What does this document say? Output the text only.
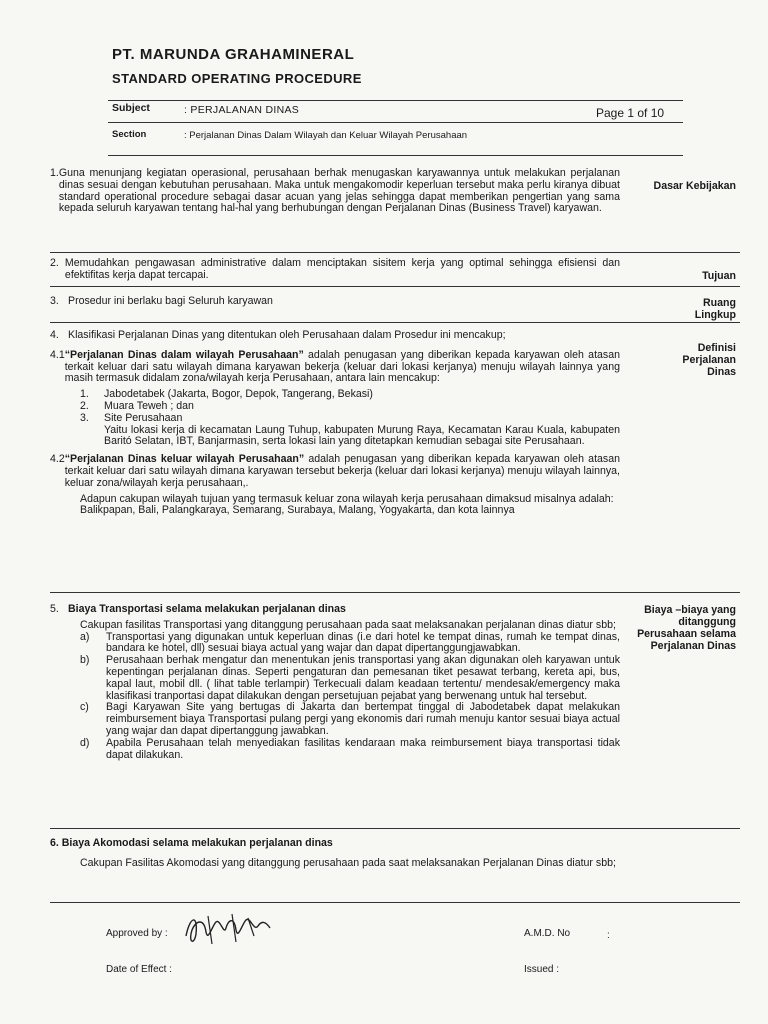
PT. MARUNDA GRAHAMINERAL
STANDARD OPERATING PROCEDURE
Subject	: PERJALANAN DINAS	Page 1 of 10
Section	: Perjalanan Dinas Dalam Wilayah dan Keluar Wilayah Perusahaan

1. Guna menunjang kegiatan operasional, perusahaan berhak menugaskan karyawannya untuk melakukan perjalanan dinas sesuai dengan kebutuhan perusahaan. Maka untuk mengakomodir keperluan tersebut maka perlu kiranya dibuat standard operational procedure sebagai dasar acuan yang jelas sehingga dapat memberikan pengertian yang sama kepada seluruh karyawan tentang hal-hal yang berhubungan dengan Perjalanan Dinas (Business Travel) karyawan.

Dasar Kebijakan

2. Memudahkan pengawasan administrative dalam menciptakan sisitem kerja yang optimal sehingga efisiensi dan efektifitas kerja dapat tercapai.	Tujuan

3. Prosedur ini berlaku bagi Seluruh karyawan	Ruang Lingkup

4. Klasifikasi Perjalanan Dinas yang ditentukan oleh Perusahaan dalam Prosedur ini mencakup;

4.1 “Perjalanan Dinas dalam wilayah Perusahaan” adalah penugasan yang diberikan kepada karyawan oleh atasan terkait keluar dari satu wilayah dimana karyawan bekerja (keluar dari lokasi kerjanya) menuju wilayah lainnya yang masih termasuk didalam zona/wilayah kerja Perusahaan, antara lain mencakup:

1.	Jabodetabek (Jakarta, Bogor, Depok, Tangerang, Bekasi)

2.	Muara Teweh ; dan

3.	Site Perusahaan

Yaitu lokasi kerja di kecamatan Laung Tuhup, kabupaten Murung Raya, Kecamatan Karau Kuala, kabupaten Baritó Selatan, IBT, Banjarmasin, serta lokasi lain yang ditetapkan kemudian sebagai site Perusahaan.

4.2 “Perjalanan Dinas keluar wilayah Perusahaan” adalah penugasan yang diberikan kepada karyawan oleh atasan terkait keluar dari satu wilayah dimana karyawan tersebut bekerja (keluar dari lokasi kerjanya) menuju wilayah lainnya, keluar zona/wilayah kerja perusahaan,.

Adapun cakupan wilayah tujuan yang termasuk keluar zona wilayah kerja perusahaan dimaksud misalnya adalah:

Balikpapan, Bali, Palangkaraya, Semarang, Surabaya, Malang, Yogyakarta, dan kota lainnya

Definisi Perjalanan Dinas

5. Biaya Transportasi selama melakukan perjalanan dinas

Cakupan fasilitas Transportasi yang ditanggung perusahaan pada saat melaksanakan perjalanan dinas diatur sbb;

a)	Transportasi yang digunakan untuk keperluan dinas (i.e dari hotel ke tempat dinas, rumah ke tempat dinas, bandara ke hotel, dll) sesuai biaya actual yang wajar dan dapat dipertanggungjawabkan.

b)	Perusahaan berhak mengatur dan menentukan jenis transportasi yang akan digunakan oleh karyawan untuk kepentingan perjalanan dinas. Seperti pengaturan dan pemesanan tiket pesawat terbang, kereta api, bus, kapal laut, mobil dll. ( lihat table terlampir) Terkecuali dalam keadaan tertentu/ mendesak/emergency maka klasifikasi tranportasi dapat dilakukan dengan persetujuan pejabat yang berwenang untuk hal tersebut.

c)	Bagi Karyawan Site yang bertugas di Jakarta dan bertempat tinggal di Jabodetabek dapat melakukan reimbursement biaya Transportasi pulang pergi yang ekonomis dari rumah menuju kantor sesuai biaya actual yang wajar dan dapat dipertanggung jawabkan.

d)	Apabila Perusahaan telah menyediakan fasilitas kendaraan maka reimbursement biaya transportasi tidak dapat dilakukan.

Biaya –biaya yang ditanggung Perusahaan selama Perjalanan Dinas

6. Biaya Akomodasi selama melakukan perjalanan dinas

Cakupan Fasilitas Akomodasi yang ditanggung perusahaan pada saat melaksanakan Perjalanan Dinas diatur sbb;

Approved by :	A.M.D. No	:
Date of Effect :	Issued :
